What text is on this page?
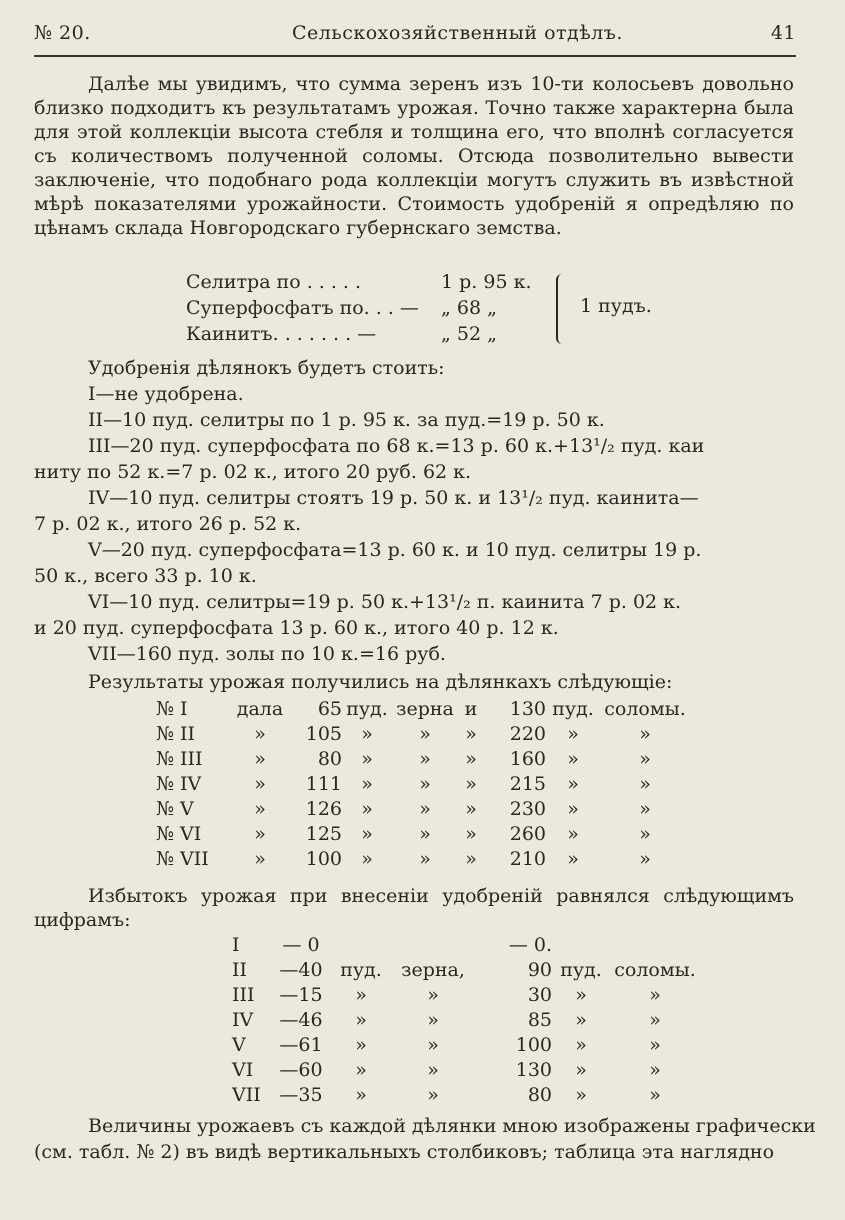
№ 20.	Сельскохозяйственный отдѣлъ.	41

Далѣе мы увидимъ, что сумма зеренъ изъ 10-ти колосьевъ довольно близко подходитъ къ результатамъ урожая. Точно также характерна была для этой коллекціи высота стебля и толщина его, что вполнѣ согласуется съ количествомъ полученной соломы. Отсюда позволительно вывести заключеніе, что подобнаго рода коллекціи могутъ служить въ извѣстной мѣрѣ показателями урожайности. Стоимость удобреній я опредѣляю по цѣнамъ склада Новгородскаго губернскаго земства.

Селитра по . . . . .	1 р. 95 к.
Суперфосфатъ по. . . — „ 68 „
Каинитъ. . . . . . . —	„ 52 „
1 пудъ.
Удобренія дѣлянокъ будетъ стоить:
I—не удобрена.
II—10 пуд. селитры по 1 р. 95 к. за пуд.=19 р. 50 к.
III—20 пуд. суперфосфата по 68 к.=13 р. 60 к.+13¹/₂ пуд. каи
ниту по 52 к.=7 р. 02 к., итого 20 руб. 62 к.
IV—10 пуд. селитры стоятъ 19 р. 50 к. и 13¹/₂ пуд. каинита—
7 р. 02 к., итого 26 р. 52 к.
V—20 пуд. суперфосфата=13 р. 60 к. и 10 пуд. селитры 19 р.
50 к., всего 33 р. 10 к.
VI—10 пуд. селитры=19 р. 50 к.+13¹/₂ п. каинита 7 р. 02 к.
и 20 пуд. суперфосфата 13 р. 60 к., итого 40 р. 12 к.
VII—160 пуд. золы по 10 к.=16 руб.
Результаты урожая получились на дѣлянкахъ слѣдующіе:
№ I	дала	65	пуд.	зерна	и	130	пуд.	соломы.
№ II	»	105	»	»	»	220	»	»
№ III	»	80	»	»	»	160	»	»
№ IV	»	111	»	»	»	215	»	»
№ V	»	126	»	»	»	230	»	»
№ VI	»	125	»	»	»	260	»	»
№ VII	»	100	»	»	»	210	»	»
Избытокъ урожая при внесеніи удобреній равнялся слѣдующимъ цифрамъ:
I	— 0			— 0.		
II	—40	пуд.	зерна,	90	пуд.	соломы.
III	—15	»	»	30	»	»
IV	—46	»	»	85	»	»
V	—61	»	»	100	»	»
VI	—60	»	»	130	»	»
VII	—35	»	»	80	»	»
Величины урожаевъ съ каждой дѣлянки мною изображены графически
(см. табл. № 2) въ видѣ вертикальныхъ столбиковъ; таблица эта наглядно
